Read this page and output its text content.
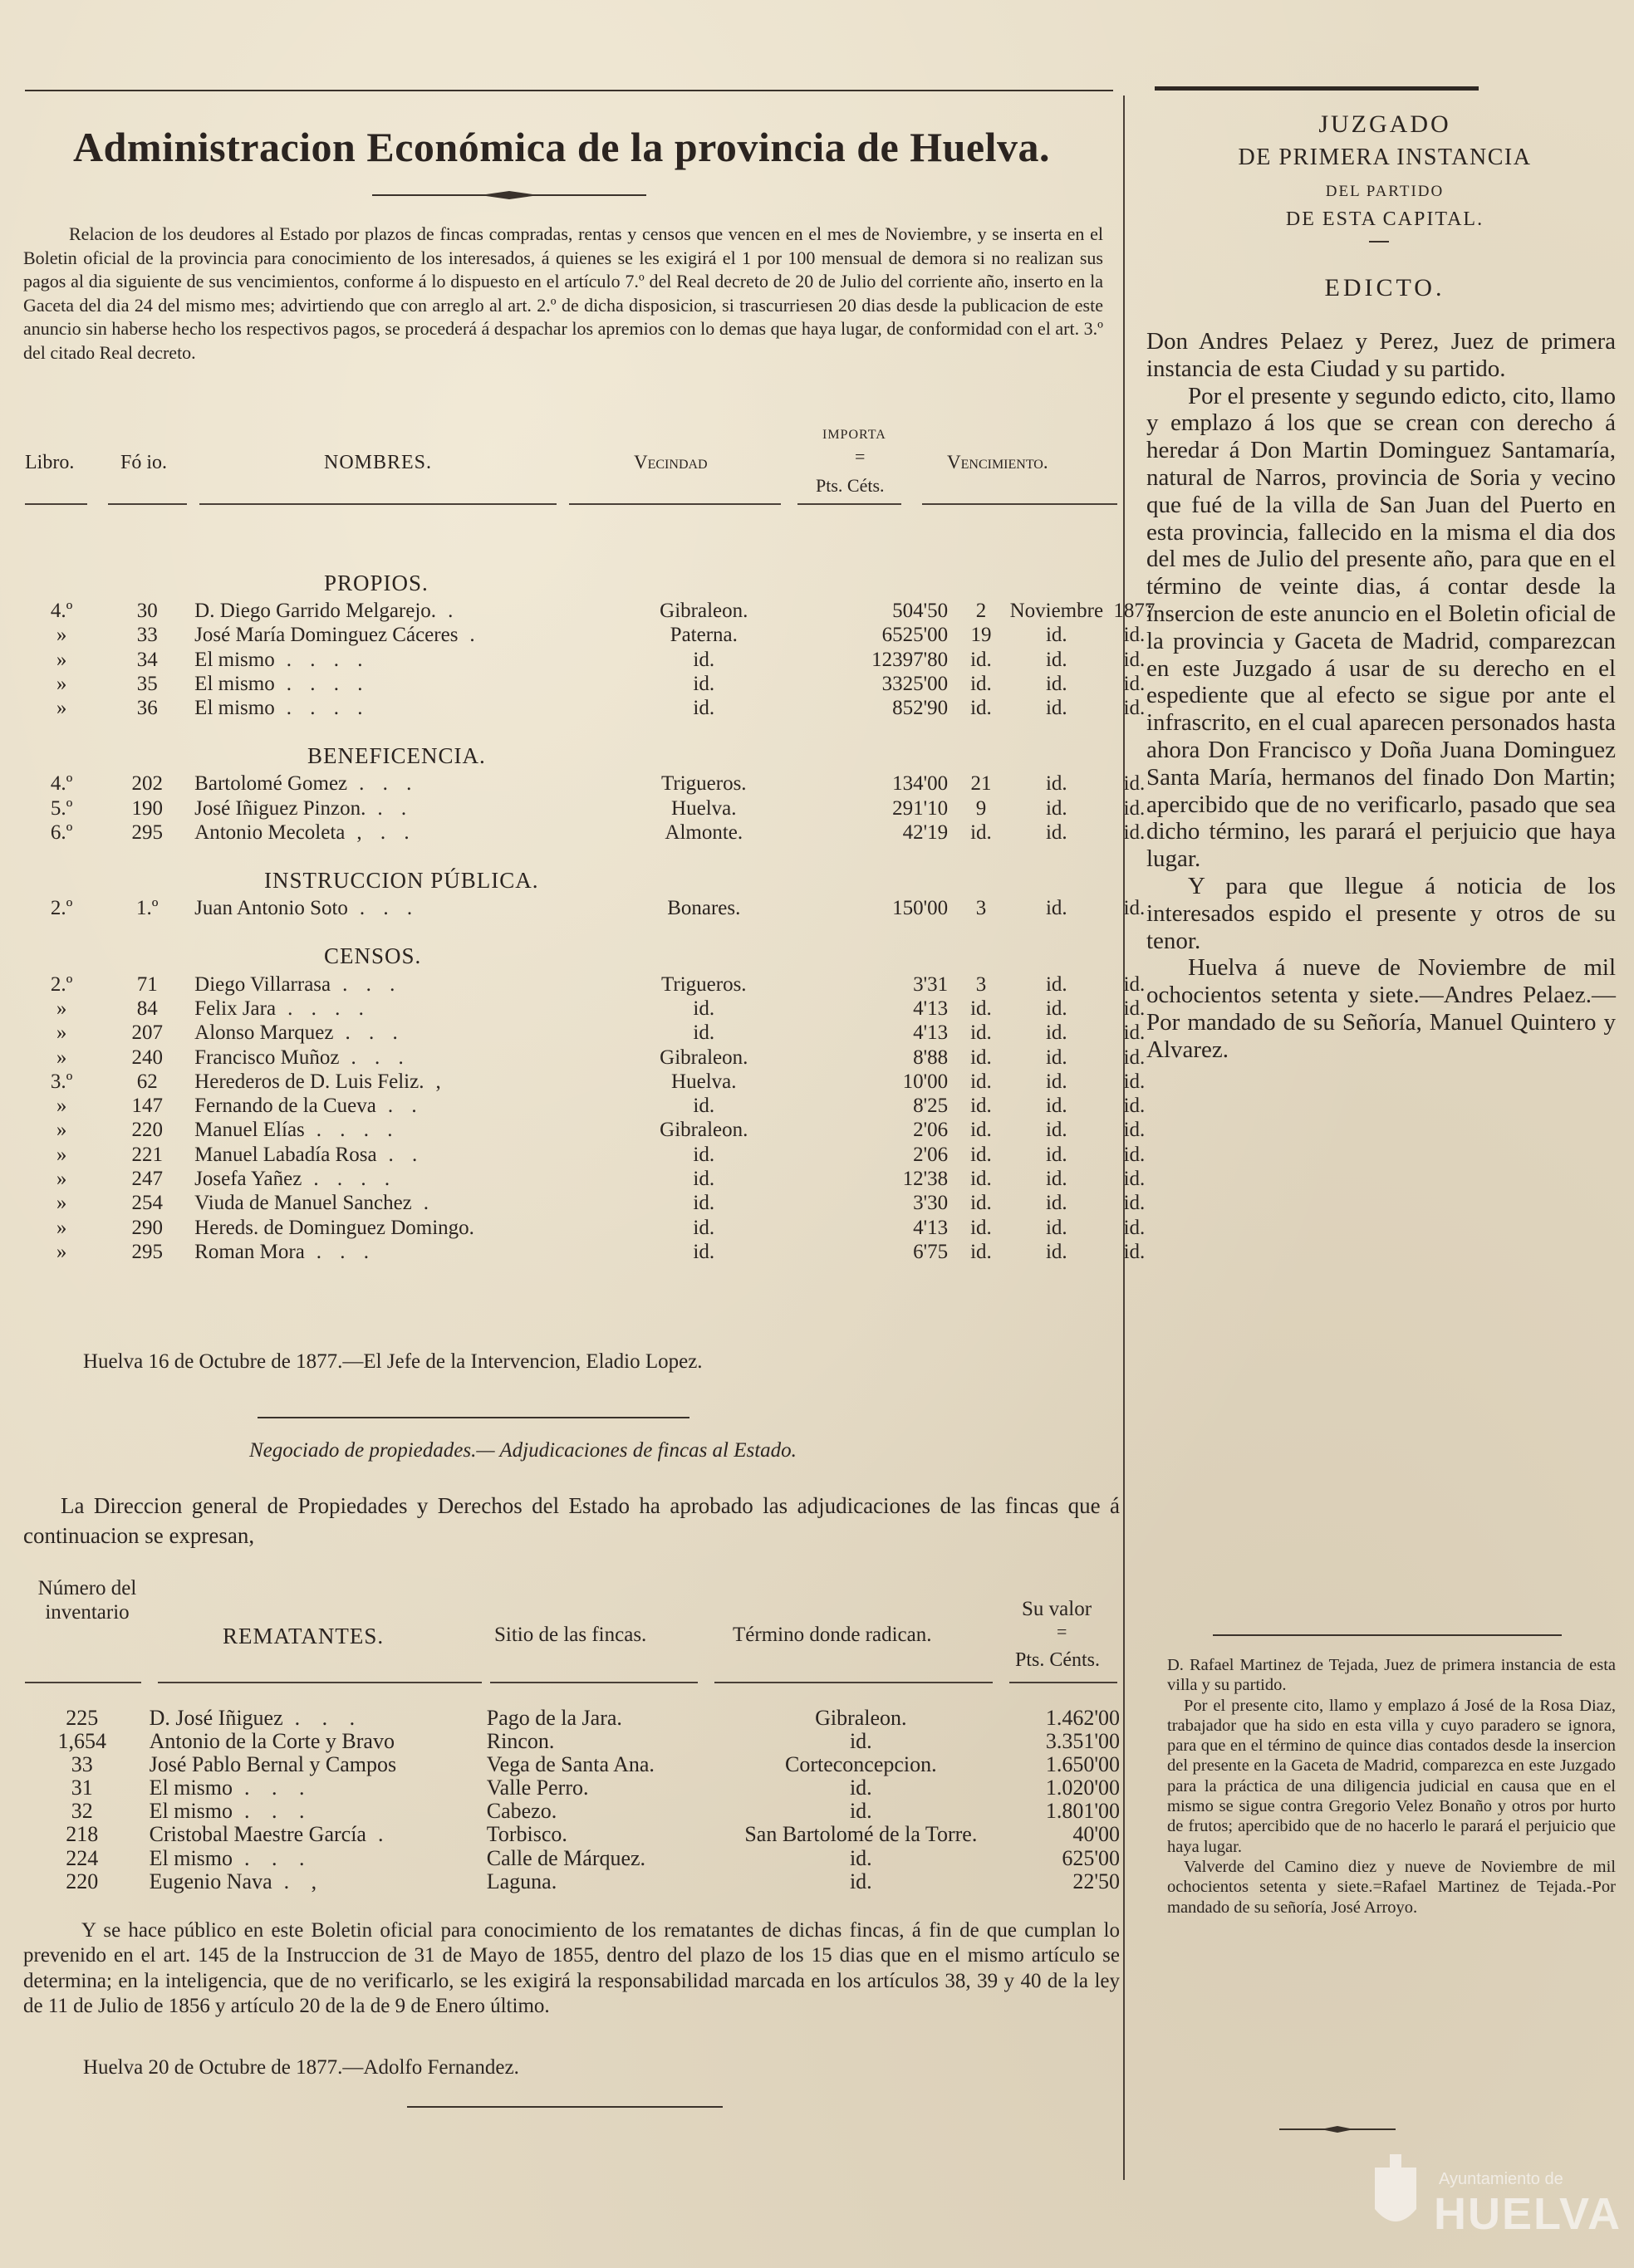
Administracion Económica de la provincia de Huelva.
Relacion de los deudores al Estado por plazos de fincas compradas, rentas y censos que vencen en el mes de Noviembre, y se inserta en el Boletin oficial de la provincia para conocimiento de los interesados, á quienes se les exigirá el 1 por 100 mensual de demora si no realizan sus pagos al dia siguiente de sus vencimientos, conforme á lo dispuesto en el artículo 7.º del Real decreto de 20 de Julio del corriente año, inserto en la Gaceta del dia 24 del mismo mes; advirtiendo que con arreglo al art. 2.º de dicha disposicion, si trascurriesen 20 dias desde la publicacion de este anuncio sin haberse hecho los respectivos pagos, se procederá á despachar los apremios con lo demas que haya lugar, de conformidad con el art. 3.º del citado Real decreto.
Libro. Fó io.	NOMBRES.	Vecindad
IMPORTA
=
Pts. Céts.
Vencimiento.
PROPIOS.							
4.º	30	D. Diego Garrido Melgarejo. .	Gibraleon.	504'50	2	Noviembre	1877
»	33	José María Dominguez Cáceres .	Paterna.	6525'00	19	id.	id.
»	34	El mismo . . . .	id.	12397'80	id.	id.	id.
»	35	El mismo . . . .	id.	3325'00	id.	id.	id.
»	36	El mismo . . . .	id.	852'90	id.	id.	id.
BENEFICENCIA.							
4.º	202	Bartolomé Gomez . . .	Trigueros.	134'00	21	id.	id.
5.º	190	José Iñiguez Pinzon. . .	Huelva.	291'10	9	id.	id.
6.º	295	Antonio Mecoleta , . .	Almonte.	42'19	id.	id.	id.
INSTRUCCION PÚBLICA.							
2.º	1.º	Juan Antonio Soto . . .	Bonares.	150'00	3	id.	id.
CENSOS.							
2.º	71	Diego Villarrasa . . .	Trigueros.	3'31	3	id.	id.
»	84	Felix Jara . . . .	id.	4'13	id.	id.	id.
»	207	Alonso Marquez . . .	id.	4'13	id.	id.	id.
»	240	Francisco Muñoz . . .	Gibraleon.	8'88	id.	id.	id.
3.º	62	Herederos de D. Luis Feliz. ,	Huelva.	10'00	id.	id.	id.
»	147	Fernando de la Cueva . .	id.	8'25	id.	id.	id.
»	220	Manuel Elías . . . .	Gibraleon.	2'06	id.	id.	id.
»	221	Manuel Labadía Rosa . .	id.	2'06	id.	id.	id.
»	247	Josefa Yañez . . . .	id.	12'38	id.	id.	id.
»	254	Viuda de Manuel Sanchez .	id.	3'30	id.	id.	id.
»	290	Hereds. de Dominguez Domingo.	id.	4'13	id.	id.	id.
»	295	Roman Mora . . .	id.	6'75	id.	id.	id.
Huelva 16 de Octubre de 1877.—El Jefe de la Intervencion, Eladio Lopez.
Negociado de propiedades.— Adjudicaciones de fincas al Estado.
La Direccion general de Propiedades y Derechos del Estado ha aprobado las adjudicaciones de las fincas que á continuacion se expresan,
Número del inventario
REMATANTES.	Sitio de las fincas.	Término donde radican.
Su valor
=
Pts. Cénts.
225	D. José Iñiguez . . .	Pago de la Jara.	Gibraleon.	1.462'00
1,654	Antonio de la Corte y Bravo	Rincon.	id.	3.351'00
33	José Pablo Bernal y Campos	Vega de Santa Ana.	Corteconcepcion.	1.650'00
31	El mismo . . .	Valle Perro.	id.	1.020'00
32	El mismo . . .	Cabezo.	id.	1.801'00
218	Cristobal Maestre García .	Torbisco.	San Bartolomé de la Torre.	40'00
224	El mismo . . .	Calle de Márquez.	id.	625'00
220	Eugenio Nava . ,	Laguna.	id.	22'50
Y se hace público en este Boletin oficial para conocimiento de los rematantes de dichas fincas, á fin de que cumplan lo prevenido en el art. 145 de la Instruccion de 31 de Mayo de 1855, dentro del plazo de los 15 dias que en el mismo artículo se determina; en la inteligencia, que de no verificarlo, se les exigirá la responsabilidad marcada en los artículos 38, 39 y 40 de la ley de 11 de Julio de 1856 y artículo 20 de la de 9 de Enero último.
Huelva 20 de Octubre de 1877.—Adolfo Fernandez.
JUZGADO
DE PRIMERA INSTANCIA
DEL PARTIDO
DE ESTA CAPITAL.
EDICTO.

Don Andres Pelaez y Perez, Juez de primera instancia de esta Ciudad y su partido.

Por el presente y segundo edicto, cito, llamo y emplazo á los que se crean con derecho á heredar á Don Martin Dominguez Santamaría, natural de Narros, provincia de Soria y vecino que fué de la villa de San Juan del Puerto en esta provincia, fallecido en la misma el dia dos del mes de Julio del presente año, para que en el término de veinte dias, á contar desde la insercion de este anuncio en el Boletin oficial de la provincia y Gaceta de Madrid, comparezcan en este Juzgado á usar de su derecho en el espediente que al efecto se sigue por ante el infrascrito, en el cual aparecen personados hasta ahora Don Francisco y Doña Juana Dominguez Santa María, hermanos del finado Don Martin; apercibido que de no verificarlo, pasado que sea dicho término, les parará el perjuicio que haya lugar.

Y para que llegue á noticia de los interesados espido el presente y otros de su tenor.

Huelva á nueve de Noviembre de mil ochocientos setenta y siete.—Andres Pelaez.—Por mandado de su Señoría, Manuel Quintero y Alvarez.

D. Rafael Martinez de Tejada, Juez de primera instancia de esta villa y su partido.

Por el presente cito, llamo y emplazo á José de la Rosa Diaz, trabajador que ha sido en esta villa y cuyo paradero se ignora, para que en el término de quince dias contados desde la insercion del presente en la Gaceta de Madrid, comparezca en este Juzgado para la práctica de una diligencia judicial en causa que en el mismo se sigue contra Gregorio Velez Bonaño y otros por hurto de frutos; apercibido que de no hacerlo le parará el perjuicio que haya lugar.

Valverde del Camino diez y nueve de Noviembre de mil ochocientos setenta y siete.=Rafael Martinez de Tejada.-Por mandado de su señoría, José Arroyo.

Ayuntamiento de
HUELVA
